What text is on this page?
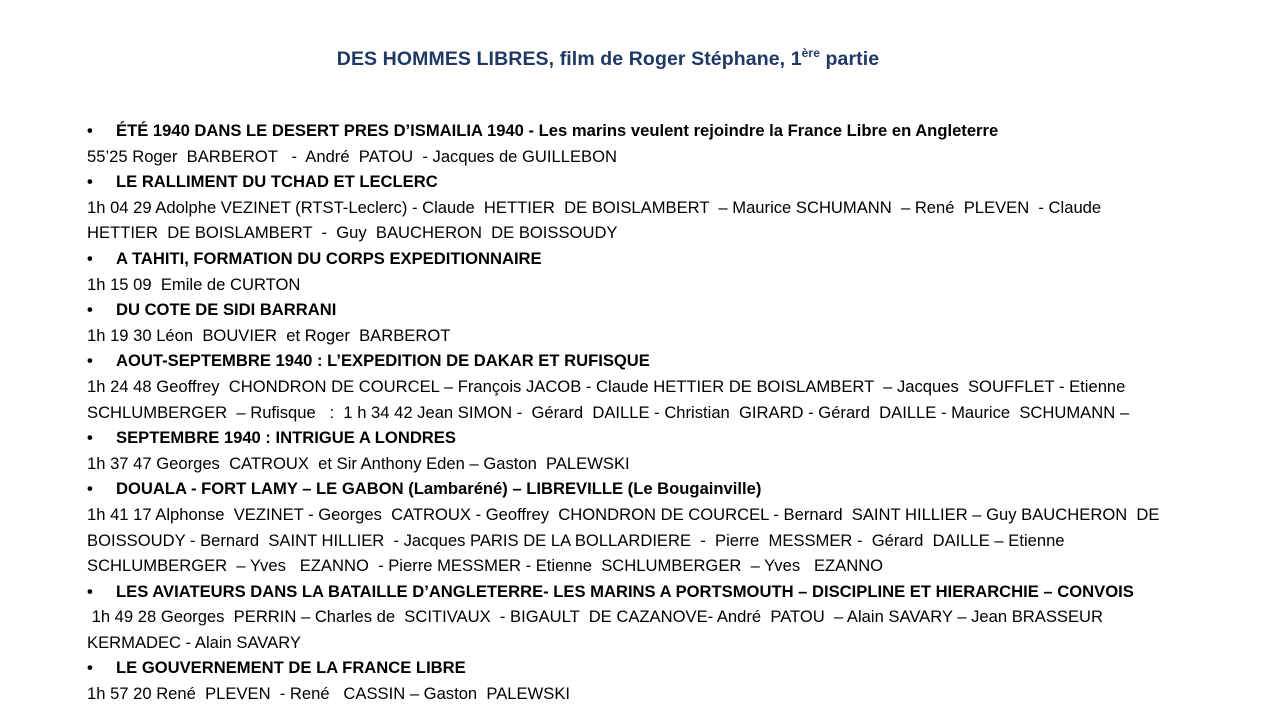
DES HOMMES LIBRES, film de Roger Stéphane, 1ère partie
• ÉTÉ 1940 DANS LE DESERT PRES D’ISMAILIA 1940 - Les marins veulent rejoindre la France Libre en Angleterre
55’25 Roger  BARBEROT   -  André  PATOU  - Jacques de GUILLEBON
• LE RALLIMENT DU TCHAD ET LECLERC
1h 04 29 Adolphe VEZINET (RTST-Leclerc) - Claude  HETTIER  DE BOISLAMBERT  – Maurice SCHUMANN  – René  PLEVEN  - Claude
HETTIER  DE BOISLAMBERT  -  Guy  BAUCHERON  DE BOISSOUDY
• A TAHITI, FORMATION DU CORPS EXPEDITIONNAIRE
1h 15 09  Emile de CURTON
• DU COTE DE SIDI BARRANI
1h 19 30 Léon  BOUVIER  et Roger  BARBEROT
• AOUT-SEPTEMBRE 1940 : L’EXPEDITION DE DAKAR ET RUFISQUE
1h 24 48 Geoffrey  CHONDRON DE COURCEL – François JACOB - Claude HETTIER DE BOISLAMBERT  – Jacques  SOUFFLET - Etienne
SCHLUMBERGER  – Rufisque   :  1 h 34 42 Jean SIMON -  Gérard  DAILLE - Christian  GIRARD - Gérard  DAILLE - Maurice  SCHUMANN –
• SEPTEMBRE 1940 : INTRIGUE A LONDRES
1h 37 47 Georges  CATROUX  et Sir Anthony Eden – Gaston  PALEWSKI
• DOUALA - FORT LAMY – LE GABON (Lambaréné) – LIBREVILLE (Le Bougainville)
1h 41 17 Alphonse  VEZINET - Georges  CATROUX - Geoffrey  CHONDRON DE COURCEL - Bernard  SAINT HILLIER – Guy BAUCHERON  DE
BOISSOUDY - Bernard  SAINT HILLIER  - Jacques PARIS DE LA BOLLARDIERE  -  Pierre  MESSMER -  Gérard  DAILLE – Etienne
SCHLUMBERGER  – Yves   EZANNO  - Pierre MESSMER - Etienne  SCHLUMBERGER  – Yves   EZANNO
• LES AVIATEURS DANS LA BATAILLE D’ANGLETERRE- LES MARINS A PORTSMOUTH – DISCIPLINE ET HIERARCHIE – CONVOIS
1h 49 28 Georges  PERRIN – Charles de  SCITIVAUX  - BIGAULT  DE CAZANOVE- André  PATOU  – Alain SAVARY – Jean BRASSEUR
KERMADEC - Alain SAVARY
• LE GOUVERNEMENT DE LA FRANCE LIBRE
1h 57 20 René  PLEVEN  - René   CASSIN – Gaston  PALEWSKI
